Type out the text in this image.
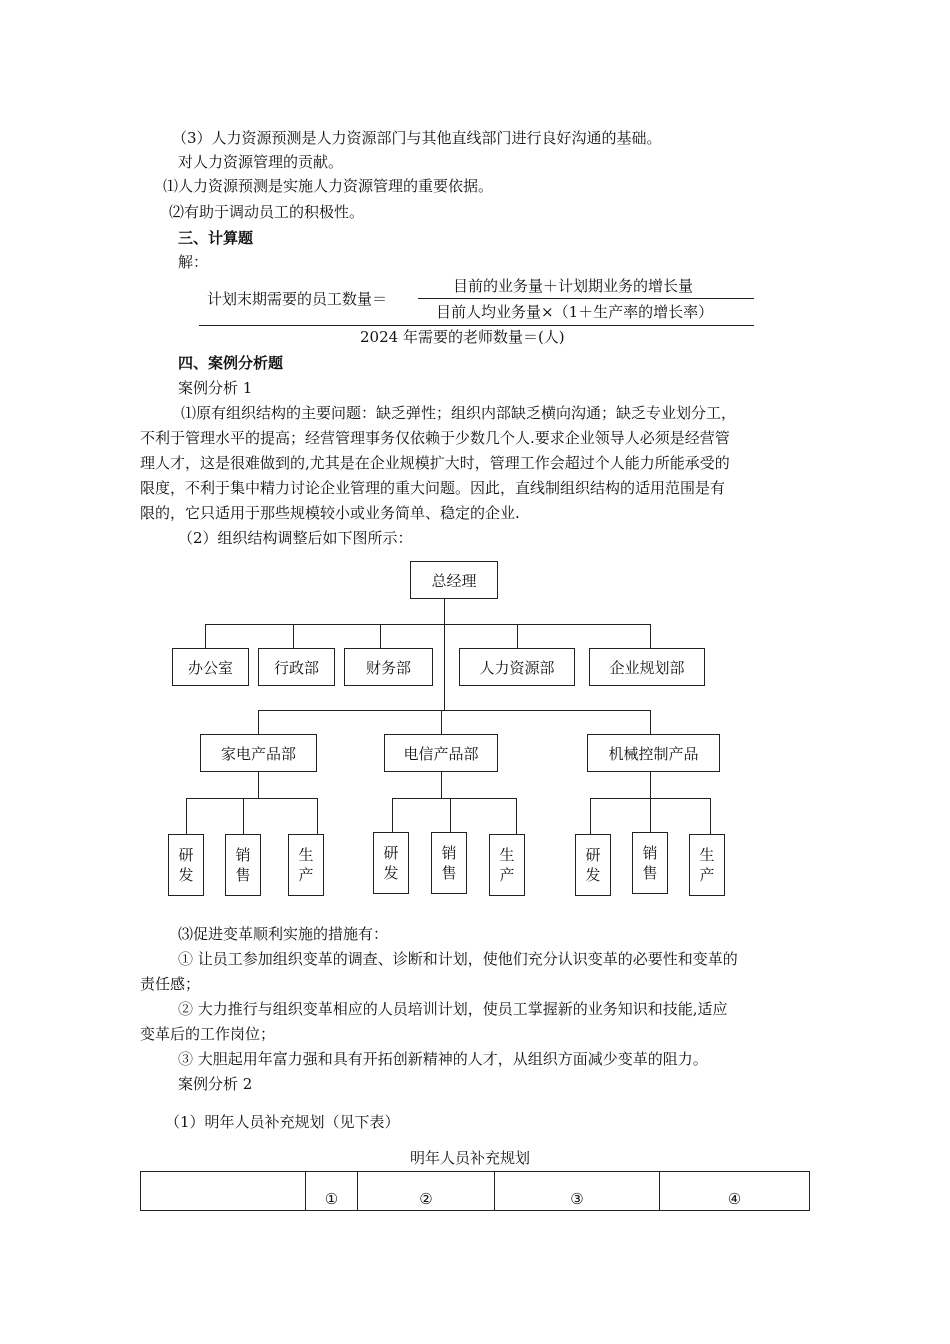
（3）人力资源预测是人力资源部门与其他直线部门进行良好沟通的基础。
对人力资源管理的贡献。
⑴人力资源预测是实施人力资源管理的重要依据。
⑵有助于调动员工的积极性。
三、计算题
解：
计划末期需要的员工数量＝
目前的业务量＋计划期业务的增长量
目前人均业务量×（1＋生产率的增长率）
2024 年需要的老师数量＝(人)
四、案例分析题
案例分析 1
⑴原有组织结构的主要问题：缺乏弹性；组织内部缺乏横向沟通；缺乏专业划分工，
不利于管理水平的提高；经营管理事务仅依赖于少数几个人.要求企业领导人必须是经营管
理人才，这是很难做到的,尤其是在企业规模扩大时，管理工作会超过个人能力所能承受的
限度，不利于集中精力讨论企业管理的重大问题。因此，直线制组织结构的适用范围是有
限的，它只适用于那些规模较小或业务简单、稳定的企业.
（2）组织结构调整后如下图所示：
总经理
办公室	行政部	财务部	人力资源部	企业规划部
家电产品部	电信产品部	机械控制产品
研发
销售
生产
研发
销售
生产
研发
销售
生产
⑶促进变革顺利实施的措施有：
① 让员工参加组织变革的调查、诊断和计划，使他们充分认识变革的必要性和变革的
责任感；
② 大力推行与组织变革相应的人员培训计划，使员工掌握新的业务知识和技能,适应
变革后的工作岗位；
③ 大胆起用年富力强和具有开拓创新精神的人才，从组织方面减少变革的阻力。
案例分析 2
（1）明年人员补充规划（见下表）
明年人员补充规划
	①	②	③	④
